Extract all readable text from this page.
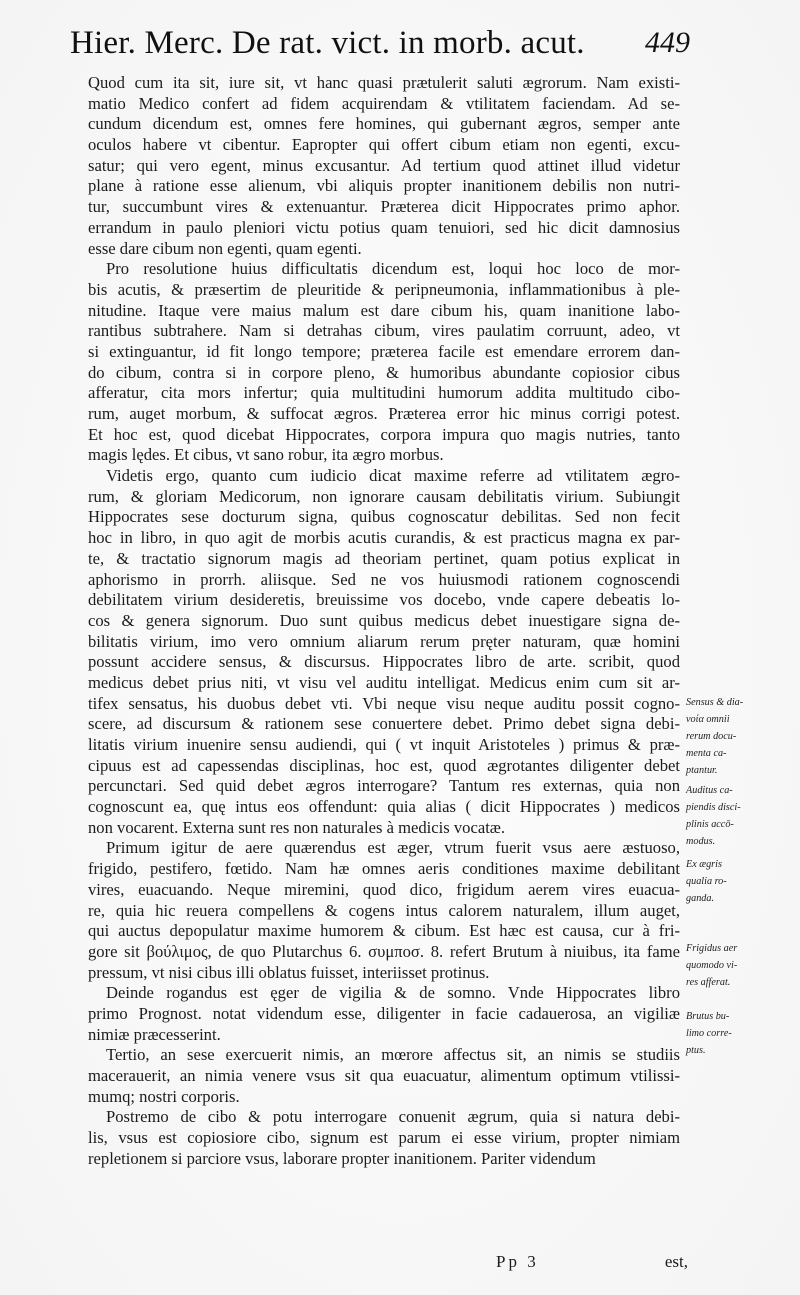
Hier. Merc. De rat. vict. in morb. acut. 449
Quod cum ita sit, iure sit, vt hanc quasi prætulerit saluti ægrorum. Nam existi-
matio Medico confert ad fidem acquirendam & vtilitatem faciendam. Ad se-
cundum dicendum est, omnes fere homines, qui gubernant ægros, semper ante
oculos habere vt cibentur. Eapropter qui offert cibum etiam non egenti, excu-
satur; qui vero egent, minus excusantur. Ad tertium quod attinet illud videtur
plane à ratione esse alienum, vbi aliquis propter inanitionem debilis non nutri-
tur, succumbunt vires & extenuantur. Præterea dicit Hippocrates primo aphor.
errandum in paulo pleniori victu potius quam tenuiori, sed hic dicit damnosius
esse dare cibum non egenti, quam egenti.
Pro resolutione huius difficultatis dicendum est, loqui hoc loco de mor-
bis acutis, & præsertim de pleuritide & peripneumonia, inflammationibus à ple-
nitudine. Itaque vere maius malum est dare cibum his, quam inanitione labo-
rantibus subtrahere. Nam si detrahas cibum, vires paulatim corruunt, adeo, vt
si extinguantur, id fit longo tempore; præterea facile est emendare errorem dan-
do cibum, contra si in corpore pleno, & humoribus abundante copiosior cibus
afferatur, cita mors infertur; quia multitudini humorum addita multitudo cibo-
rum, auget morbum, & suffocat ægros. Præterea error hic minus corrigi potest.
Et hoc est, quod dicebat Hippocrates, corpora impura quo magis nutries, tanto
magis lędes. Et cibus, vt sano robur, ita ægro morbus.
Videtis ergo, quanto cum iudicio dicat maxime referre ad vtilitatem ægro-
rum, & gloriam Medicorum, non ignorare causam debilitatis virium. Subiungit
Hippocrates sese docturum signa, quibus cognoscatur debilitas. Sed non fecit
hoc in libro, in quo agit de morbis acutis curandis, & est practicus magna ex par-
te, & tractatio signorum magis ad theoriam pertinet, quam potius explicat in
aphorismo in prorrh. aliisque. Sed ne vos huiusmodi rationem cognoscendi
debilitatem virium desideretis, breuissime vos docebo, vnde capere debeatis lo-
cos & genera signorum. Duo sunt quibus medicus debet inuestigare signa de-
bilitatis virium, imo vero omnium aliarum rerum pręter naturam, quæ homini
possunt accidere sensus, & discursus. Hippocrates libro de arte. scribit, quod
medicus debet prius niti, vt visu vel auditu intelligat. Medicus enim cum sit ar-
tifex sensatus, his duobus debet vti. Vbi neque visu neque auditu possit cogno-
scere, ad discursum & rationem sese conuertere debet. Primo debet signa debi-
litatis virium inuenire sensu audiendi, qui ( vt inquit Aristoteles ) primus & præ-
cipuus est ad capessendas disciplinas, hoc est, quod ægrotantes diligenter debet
percunctari. Sed quid debet ægros interrogare? Tantum res externas, quia non
cognoscunt ea, quę intus eos offendunt: quia alias ( dicit Hippocrates ) medicos
non vocarent. Externa sunt res non naturales à medicis vocatæ.
Primum igitur de aere quærendus est æger, vtrum fuerit vsus aere æstuoso,
frigido, pestifero, fœtido. Nam hæ omnes aeris conditiones maxime debilitant
vires, euacuando. Neque miremini, quod dico, frigidum aerem vires euacua-
re, quia hic reuera compellens & cogens intus calorem naturalem, illum auget,
qui auctus depopulatur maxime humorem & cibum. Est hæc est causa, cur à fri-
gore sit βούλιμος, de quo Plutarchus 6. συμποσ. 8. refert Brutum à niuibus, ita fame
pressum, vt nisi cibus illi oblatus fuisset, interiisset protinus.
Deinde rogandus est ęger de vigilia & de somno. Vnde Hippocrates libro
primo Prognost. notat videndum esse, diligenter in facie cadauerosa, an vigiliæ
nimiæ præcesserint.
Tertio, an sese exercuerit nimis, an mœrore affectus sit, an nimis se studiis
macerauerit, an nimia venere vsus sit qua euacuatur, alimentum optimum vtilissi-
mumq; nostri corporis.
Postremo de cibo & potu interrogare conuenit ægrum, quia si natura debi-
lis, vsus est copiosiore cibo, signum est parum ei esse virium, propter nimiam
repletionem si parciore vsus, laborare propter inanitionem. Pariter videndum
Sensus & dia-
νοία omnii
rerum docu-
menta ca-
ptantur.
Auditus ca-
piendis disci-
plinis accō-
modus.
Ex ægris
qualia ro-
ganda.
Frigidus aer
quomodo vi-
res afferat.
Brutus bu-
limo corre-
ptus.
Pp 3	est,
